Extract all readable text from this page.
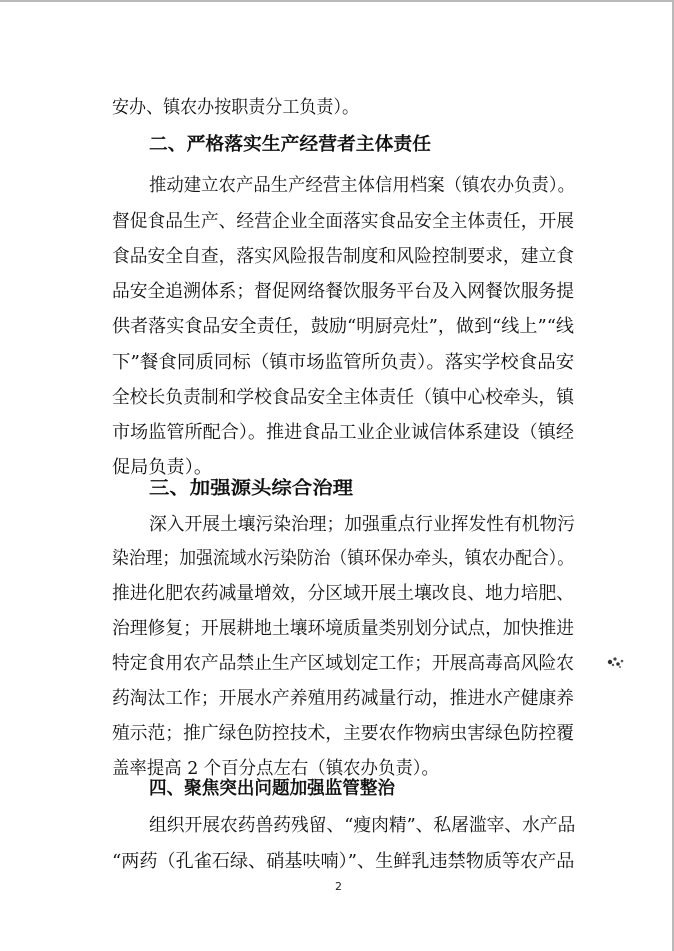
安办、镇农办按职责分工负责）。
二、严格落实生产经营者主体责任
推动建立农产品生产经营主体信用档案（镇农办负责）。
督促食品生产、经营企业全面落实食品安全主体责任，开展
食品安全自查，落实风险报告制度和风险控制要求，建立食
品安全追溯体系；督促网络餐饮服务平台及入网餐饮服务提
供者落实食品安全责任，鼓励“明厨亮灶”，做到“线上”“线
下”餐食同质同标（镇市场监管所负责）。落实学校食品安
全校长负责制和学校食品安全主体责任（镇中心校牵头，镇
市场监管所配合）。推进食品工业企业诚信体系建设（镇经
促局负责）。
三、加强源头综合治理
深入开展土壤污染治理；加强重点行业挥发性有机物污
染治理；加强流域水污染防治（镇环保办牵头，镇农办配合）。
推进化肥农药减量增效，分区域开展土壤改良、地力培肥、
治理修复；开展耕地土壤环境质量类别划分试点，加快推进
特定食用农产品禁止生产区域划定工作；开展高毒高风险农
药淘汰工作；开展水产养殖用药减量行动，推进水产健康养
殖示范；推广绿色防控技术，主要农作物病虫害绿色防控覆
盖率提高 2 个百分点左右（镇农办负责）。
四、聚焦突出问题加强监管整治
组织开展农药兽药残留、“瘦肉精”、私屠滥宰、水产品
“两药（孔雀石绿、硝基呋喃）”、生鲜乳违禁物质等农产品
2
